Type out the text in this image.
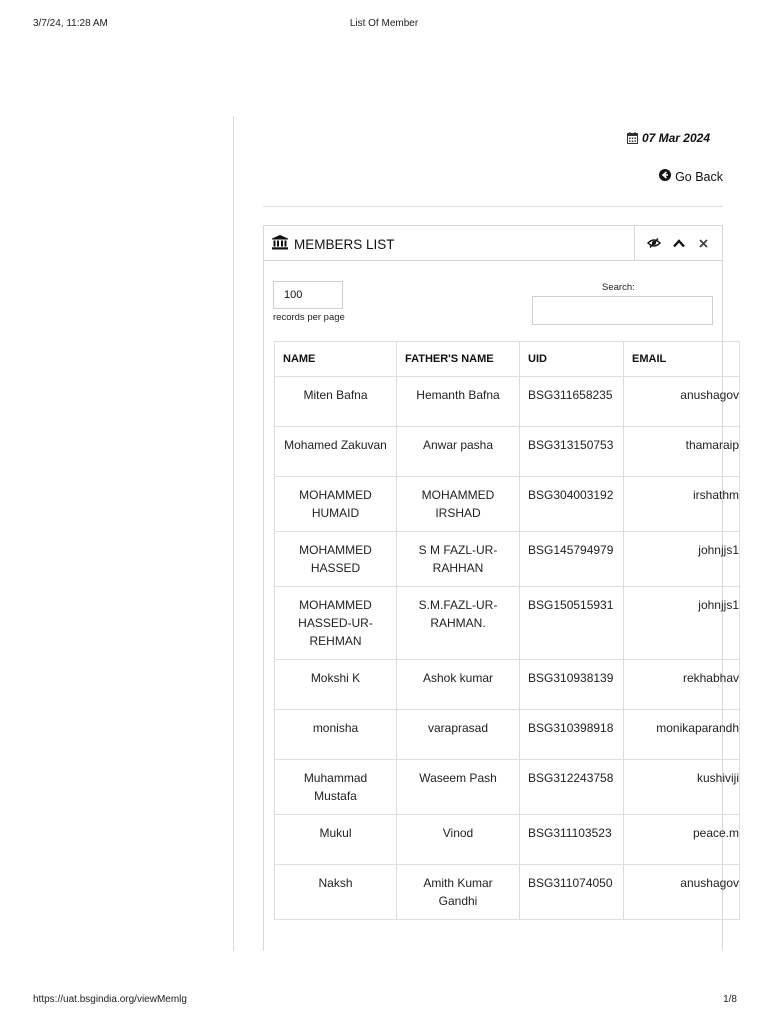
3/7/24, 11:28 AM	List Of Member
07 Mar 2024
Go Back
MEMBERS LIST
100
records per page
Search:
NAME	FATHER'S NAME	UID	EMAIL
Miten Bafna	Hemanth Bafna	BSG311658235	anushagov
Mohamed Zakuvan	Anwar pasha	BSG313150753	thamaraip
MOHAMMED HUMAID	MOHAMMED IRSHAD	BSG304003192	irshathm
MOHAMMED HASSED	S M FAZL-UR-RAHHAN	BSG145794979	johnjjs1
MOHAMMED HASSED-UR-REHMAN	S.M.FAZL-UR-RAHMAN.	BSG150515931	johnjjs1
Mokshi K	Ashok kumar	BSG310938139	rekhabhav
monisha	varaprasad	BSG310398918	monikaparandh
Muhammad Mustafa	Waseem Pash	BSG312243758	kushiviji
Mukul	Vinod	BSG311103523	peace.m
Naksh	Amith Kumar Gandhi	BSG311074050	anushagov
https://uat.bsgindia.org/viewMemlg	1/8
